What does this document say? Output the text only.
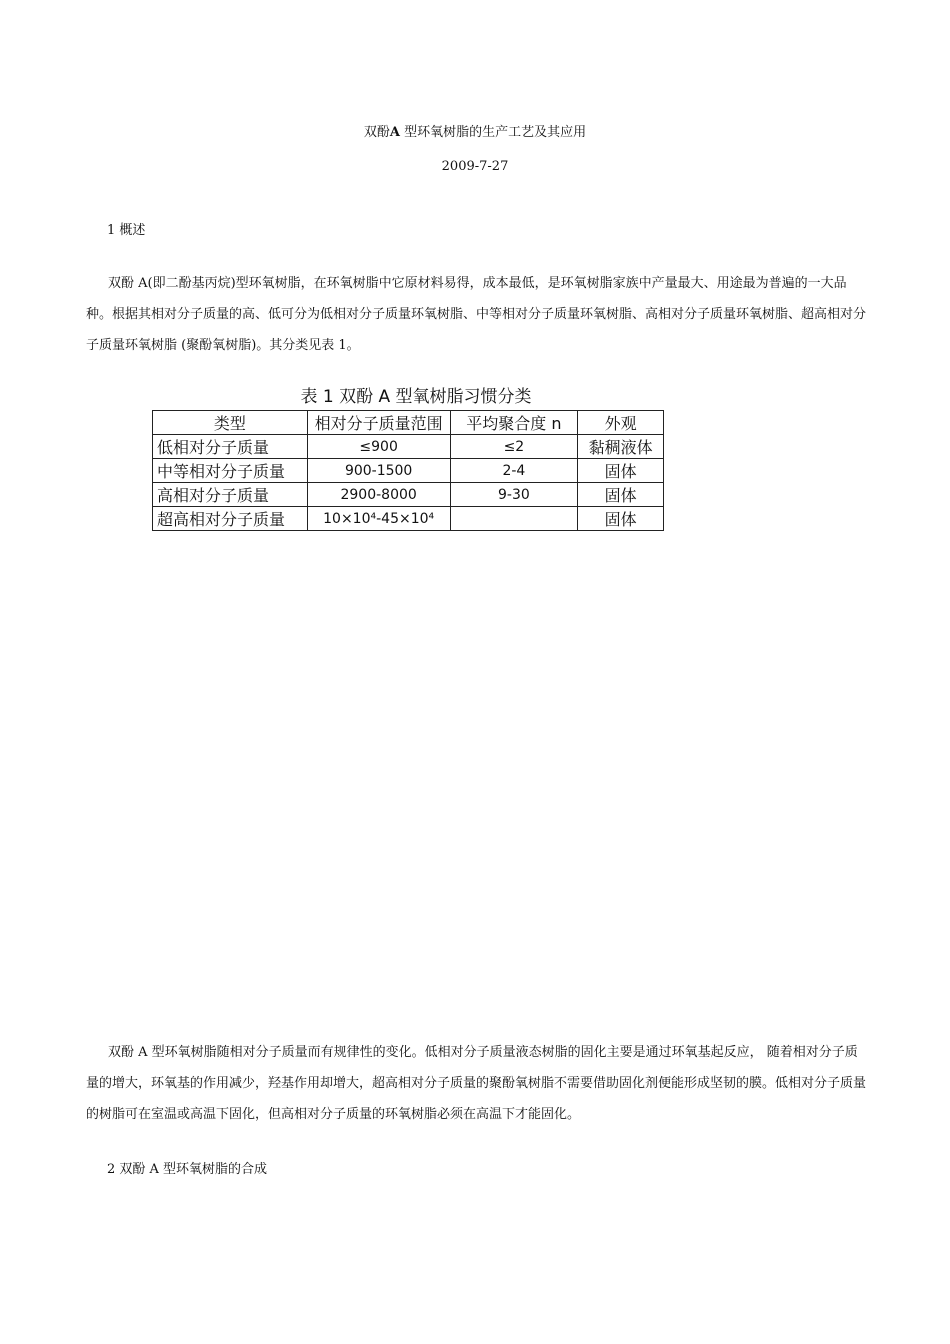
双酚A 型环氧树脂的生产工艺及其应用
2009-7-27
1 概述

双酚 A(即二酚基丙烷)型环氧树脂，在环氧树脂中它原材料易得，成本最低，是环氧树脂家族中产量最大、用途最为普遍的一大品种。根据其相对分子质量的高、低可分为低相对分子质量环氧树脂、中等相对分子质量环氧树脂、高相对分子质量环氧树脂、超高相对分子质量环氧树脂 (聚酚氧树脂)。其分类见表 1。

表 1 双酚 A 型氧树脂习惯分类
类型	相对分子质量范围	平均聚合度 n	外观
低相对分子质量	≤900	≤2	黏稠液体
中等相对分子质量	900-1500	2-4	固体
高相对分子质量	2900-8000	9-30	固体
超高相对分子质量	10×10⁴-45×10⁴		固体

双酚 A 型环氧树脂随相对分子质量而有规律性的变化。低相对分子质量液态树脂的固化主要是通过环氧基起反应， 随着相对分子质量的增大，环氧基的作用减少，羟基作用却增大，超高相对分子质量的聚酚氧树脂不需要借助固化剂便能形成坚韧的膜。低相对分子质量的树脂可在室温或高温下固化，但高相对分子质量的环氧树脂必须在高温下才能固化。

2 双酚 A 型环氧树脂的合成
